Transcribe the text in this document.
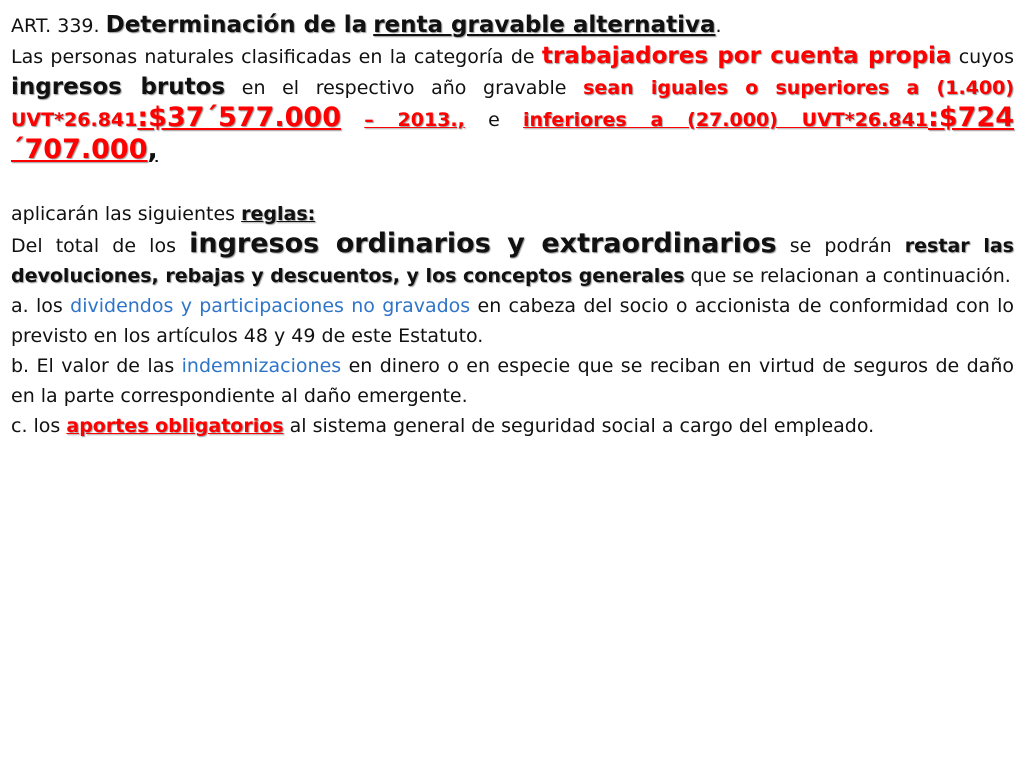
ART. 339. Determinación de la renta gravable alternativa.

Las personas naturales clasificadas en la categoría de trabajadores por cuenta propia cuyos ingresos brutos en el respectivo año gravable sean iguales o superiores a (1.400) UVT*26.841:$37´577.000 – 2013., e inferiores a (27.000) UVT*26.841:$724´707.000,

aplicarán las siguientes reglas:

Del total de los ingresos ordinarios y extraordinarios se podrán restar las devoluciones, rebajas y descuentos, y los conceptos generales que se relacionan a continuación.

a. los dividendos y participaciones no gravados en cabeza del socio o accionista de conformidad con lo previsto en los artículos 48 y 49 de este Estatuto.

b. El valor de las indemnizaciones en dinero o en especie que se reciban en virtud de seguros de daño en la parte correspondiente al daño emergente.

c. los aportes obligatorios al sistema general de seguridad social a cargo del empleado.
